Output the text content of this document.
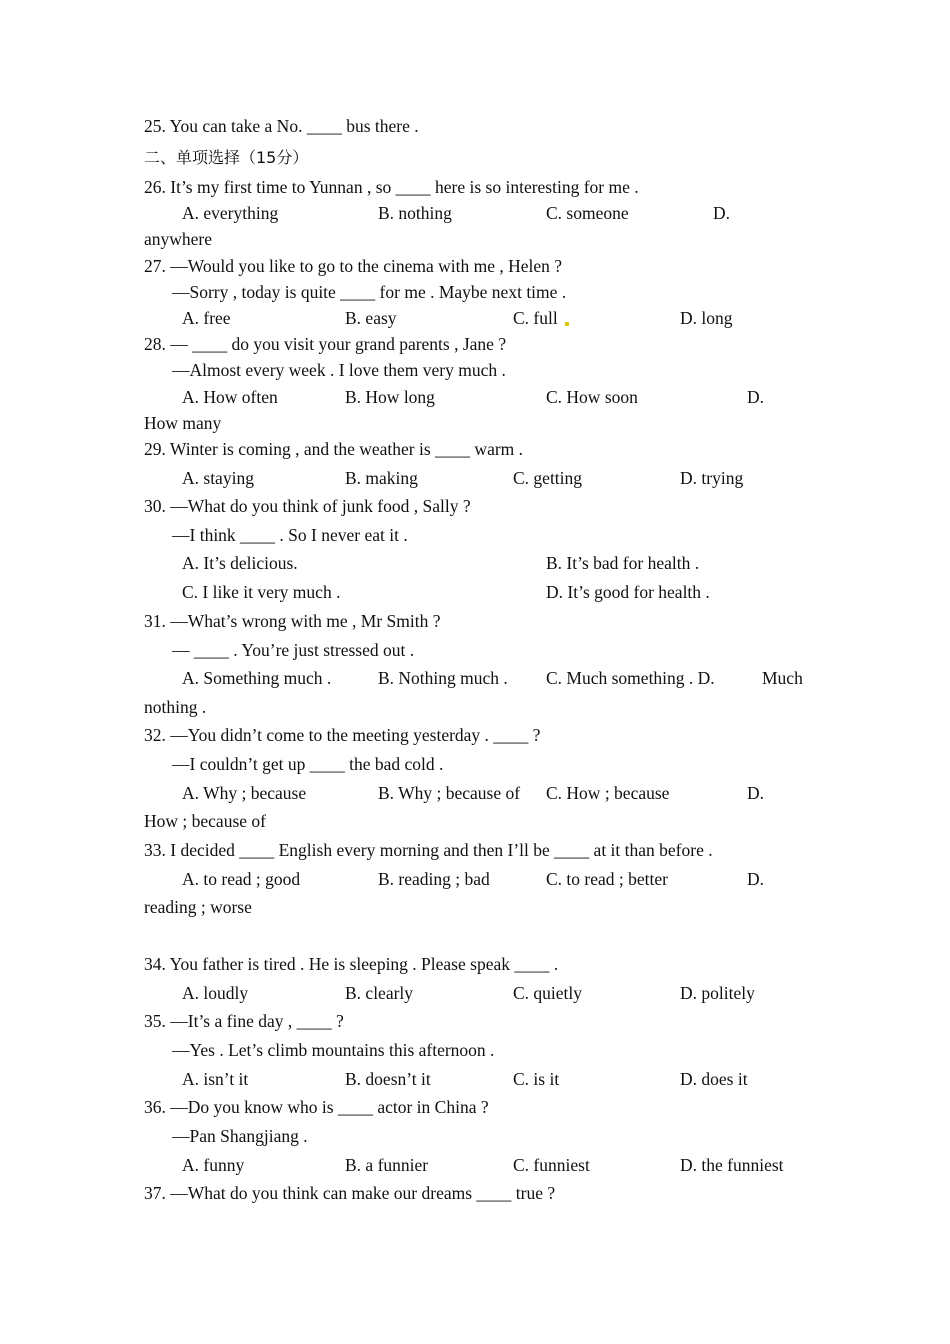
25. You can take a No. ____ bus there .
二、单项选择（15分）
26. It’s my first time to Yunnan , so ____ here is so interesting for me .
A. everything	B. nothing	C. someone	D.
anywhere
27. —Would you like to go to the cinema with me , Helen ?
—Sorry , today is quite ____ for me . Maybe next time .
A. free	B. easy	C. full	D. long
28. — ____ do you visit your grand parents , Jane ?
—Almost every week . I love them very much .
A. How often	B. How long	C. How soon	D.
How many
29. Winter is coming , and the weather is ____ warm .
A. staying	B. making	C. getting	D. trying
30. —What do you think of junk food , Sally ?
—I think ____ . So I never eat it .
A. It’s delicious.	B. It’s bad for health .
C. I like it very much .	D. It’s good for health .
31. —What’s wrong with me , Mr Smith ?
— ____ . You’re just stressed out .
A. Something much .	B. Nothing much . C. Much something . D.	Much
nothing .
32. —You didn’t come to the meeting yesterday . ____ ?
—I couldn’t get up ____ the bad cold .
A. Why ; because	B. Why ; because of C. How ; because	D.
How ; because of
33. I decided ____ English every morning and then I’ll be ____ at it than before .
A. to read ; good	B. reading ; bad	C. to read ; better	D.
reading ; worse
34. You father is tired . He is sleeping . Please speak ____ .
A. loudly	B. clearly	C. quietly	D. politely
35. —It’s a fine day , ____ ?
—Yes . Let’s climb mountains this afternoon .
A. isn’t it	B. doesn’t it	C. is it	D. does it
36. —Do you know who is ____ actor in China ?
—Pan Shangjiang .
A. funny	B. a funnier	C. funniest	D. the funniest
37. —What do you think can make our dreams ____ true ?
